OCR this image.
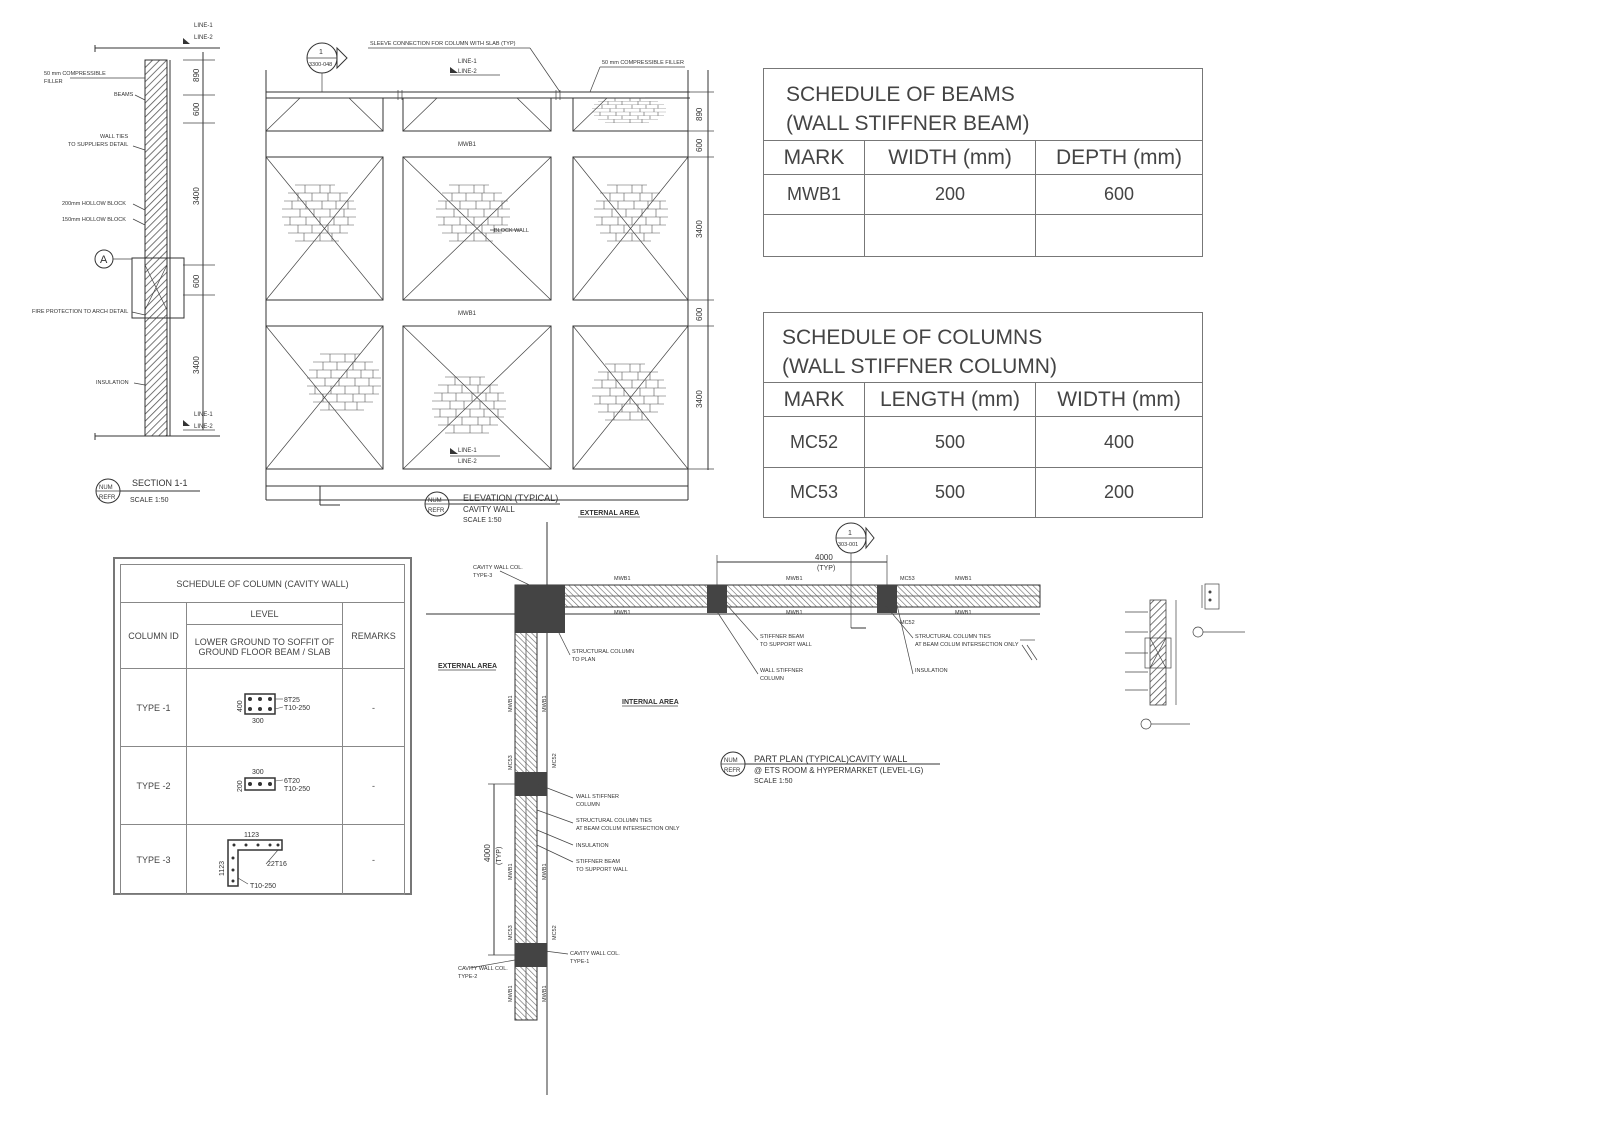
LINE-1
LINE-2
LINE-1
LINE-2
50 mm COMPRESSIBLE
FILLER
BEAMS
WALL TIES
TO SUPPLIERS DETAIL
200mm HOLLOW BLOCK
150mm HOLLOW BLOCK
FIRE PROTECTION TO ARCH DETAIL
INSULATION
890
600
3400
600
3400
A
NUM
REFR
SECTION 1-1
SCALE 1:50
LINE-1
LINE-2
LINE-1
LINE-2
1
3300-048
SLEEVE CONNECTION FOR COLUMN WITH SLAB (TYP)
50 mm COMPRESSIBLE FILLER
MWB1
MWB1
BLOCK WALL
890
600
3400
600
3400
NUM
REFR
ELEVATION (TYPICAL)
CAVITY WALL
SCALE 1:50
EXTERNAL AREA
EXTERNAL AREA
INTERNAL AREA
4000
(TYP)
1
303-001
MWB1	MWB1	MC53	MWB1
MWB1	MWB1
MC52
MWB1
MWB1
MC53
MWB1
MC53
MWB1
MWB1
MC52
MWB1
MC52
MWB1
4000 (TYP)
CAVITY WALL COL.
TYPE-3
STRUCTURAL COLUMN
TO PLAN
STIFFNER BEAM
TO SUPPORT WALL
WALL STIFFNER
COLUMN
STRUCTURAL COLUMN TIES
AT BEAM COLUM INTERSECTION ONLY
INSULATION
WALL STIFFNER
COLUMN
STRUCTURAL COLUMN TIES
AT BEAM COLUM INTERSECTION ONLY
INSULATION
STIFFNER BEAM
TO SUPPORT WALL
CAVITY WALL COL.
TYPE-1
CAVITY WALL COL.
TYPE-2
NUM
REFR
PART PLAN (TYPICAL)CAVITY WALL
@ ETS ROOM & HYPERMARKET (LEVEL-LG)
SCALE 1:50
SCHEDULE OF BEAMS
(WALL STIFFNER BEAM)		

MARK	WIDTH (mm)	DEPTH (mm)
MWB1	200	600

SCHEDULE OF COLUMNS
(WALL STIFFNER COLUMN)		

MARK	LENGTH (mm)	WIDTH (mm)
MC52	500	400
MC53	500	200
SCHEDULE OF COLUMN (CAVITY WALL)		
COLUMN ID	LEVEL	REMARKS
	LOWER GROUND TO SOFFIT OF GROUND FLOOR BEAM / SLAB	
TYPE -1	8T25
T10-250
300
400	-
TYPE -2	6T20
T10-250
300
200	-
TYPE -3	22T16
T10-250
1123
1123	-
